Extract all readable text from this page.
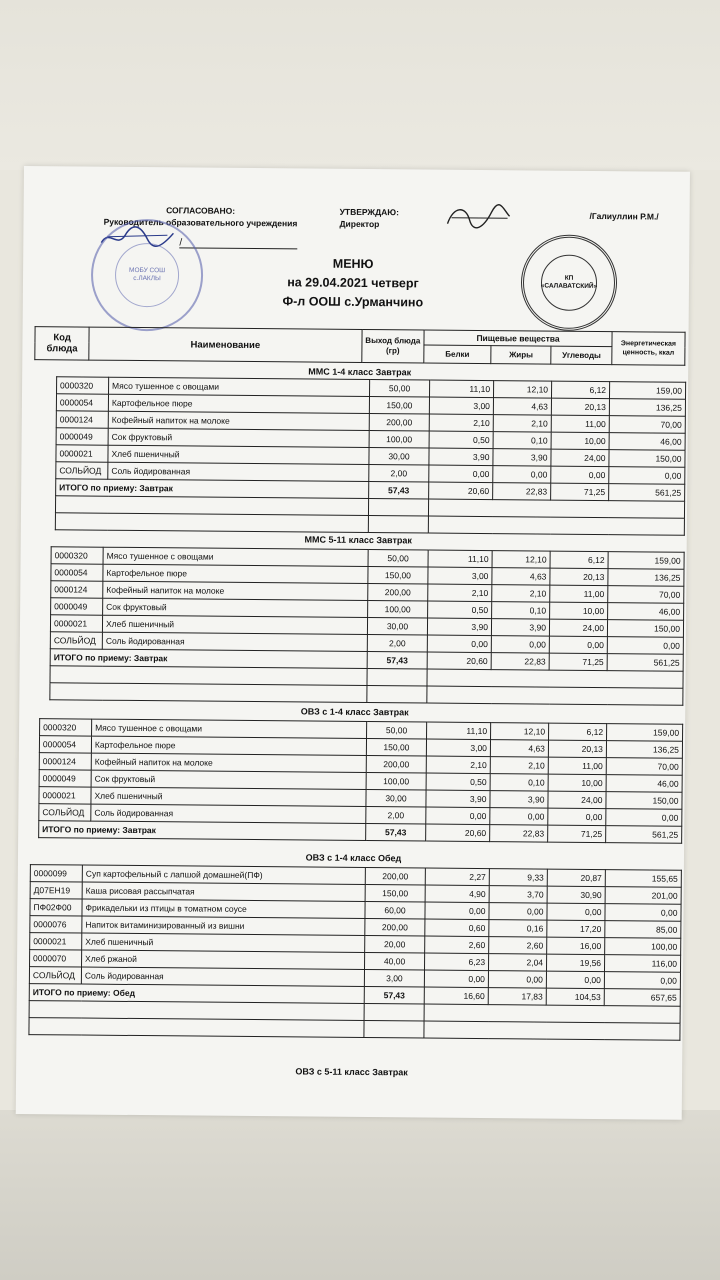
СОГЛАСОВАНО:
Руководитель образовательного учреждения
УТВЕРЖДАЮ:
Директор
/Галиуллин Р.М./
/
МОБУ СОШ с.ЛАКЛЫ	КП «САЛАВАТСКИЙ»
МЕНЮ
на 29.04.2021 четверг
Ф-л ООШ с.Урманчино
Код блюда	Наименование	Выход блюда (гр)	Пищевые вещества			Энергетическая ценность, ккал

			Белки	Жиры	Углеводы	
ММС 1-4 класс Завтрак
0000320	Мясо тушенное с овощами	50,00	11,10	12,10	6,12	159,00
0000054	Картофельное пюре	150,00	3,00	4,63	20,13	136,25
0000124	Кофейный напиток на молоке	200,00	2,10	2,10	11,00	70,00
0000049	Сок фруктовый	100,00	0,50	0,10	10,00	46,00
0000021	Хлеб пшеничный	30,00	3,90	3,90	24,00	150,00
СОЛЬЙОД	Соль йодированная	2,00	0,00	0,00	0,00	0,00
ИТОГО по приему: Завтрак		57,43	20,60	22,83	71,25	561,25

ММС 5-11 класс Завтрак
0000320	Мясо тушенное с овощами	50,00	11,10	12,10	6,12	159,00
0000054	Картофельное пюре	150,00	3,00	4,63	20,13	136,25
0000124	Кофейный напиток на молоке	200,00	2,10	2,10	11,00	70,00
0000049	Сок фруктовый	100,00	0,50	0,10	10,00	46,00
0000021	Хлеб пшеничный	30,00	3,90	3,90	24,00	150,00
СОЛЬЙОД	Соль йодированная	2,00	0,00	0,00	0,00	0,00
ИТОГО по приему: Завтрак		57,43	20,60	22,83	71,25	561,25

ОВЗ с 1-4 класс Завтрак
0000320	Мясо тушенное с овощами	50,00	11,10	12,10	6,12	159,00
0000054	Картофельное пюре	150,00	3,00	4,63	20,13	136,25
0000124	Кофейный напиток на молоке	200,00	2,10	2,10	11,00	70,00
0000049	Сок фруктовый	100,00	0,50	0,10	10,00	46,00
0000021	Хлеб пшеничный	30,00	3,90	3,90	24,00	150,00
СОЛЬЙОД	Соль йодированная	2,00	0,00	0,00	0,00	0,00
ИТОГО по приему: Завтрак		57,43	20,60	22,83	71,25	561,25
ОВЗ с 1-4 класс Обед
0000099	Суп картофельный с лапшой домашней(ПФ)	200,00	2,27	9,33	20,87	155,65
Д07ЕН19	Каша рисовая рассыпчатая	150,00	4,90	3,70	30,90	201,00
ПФ02Ф00	Фрикадельки из птицы в томатном соусе	60,00	0,00	0,00	0,00	0,00
0000076	Напиток витаминизированный из вишни	200,00	0,60	0,16	17,20	85,00
0000021	Хлеб пшеничный	20,00	2,60	2,60	16,00	100,00
0000070	Хлеб ржаной	40,00	6,23	2,04	19,56	116,00
СОЛЬЙОД	Соль йодированная	3,00	0,00	0,00	0,00	0,00
ИТОГО по приему: Обед		57,43	16,60	17,83	104,53	657,65

ОВЗ с 5-11 класс Завтрак
